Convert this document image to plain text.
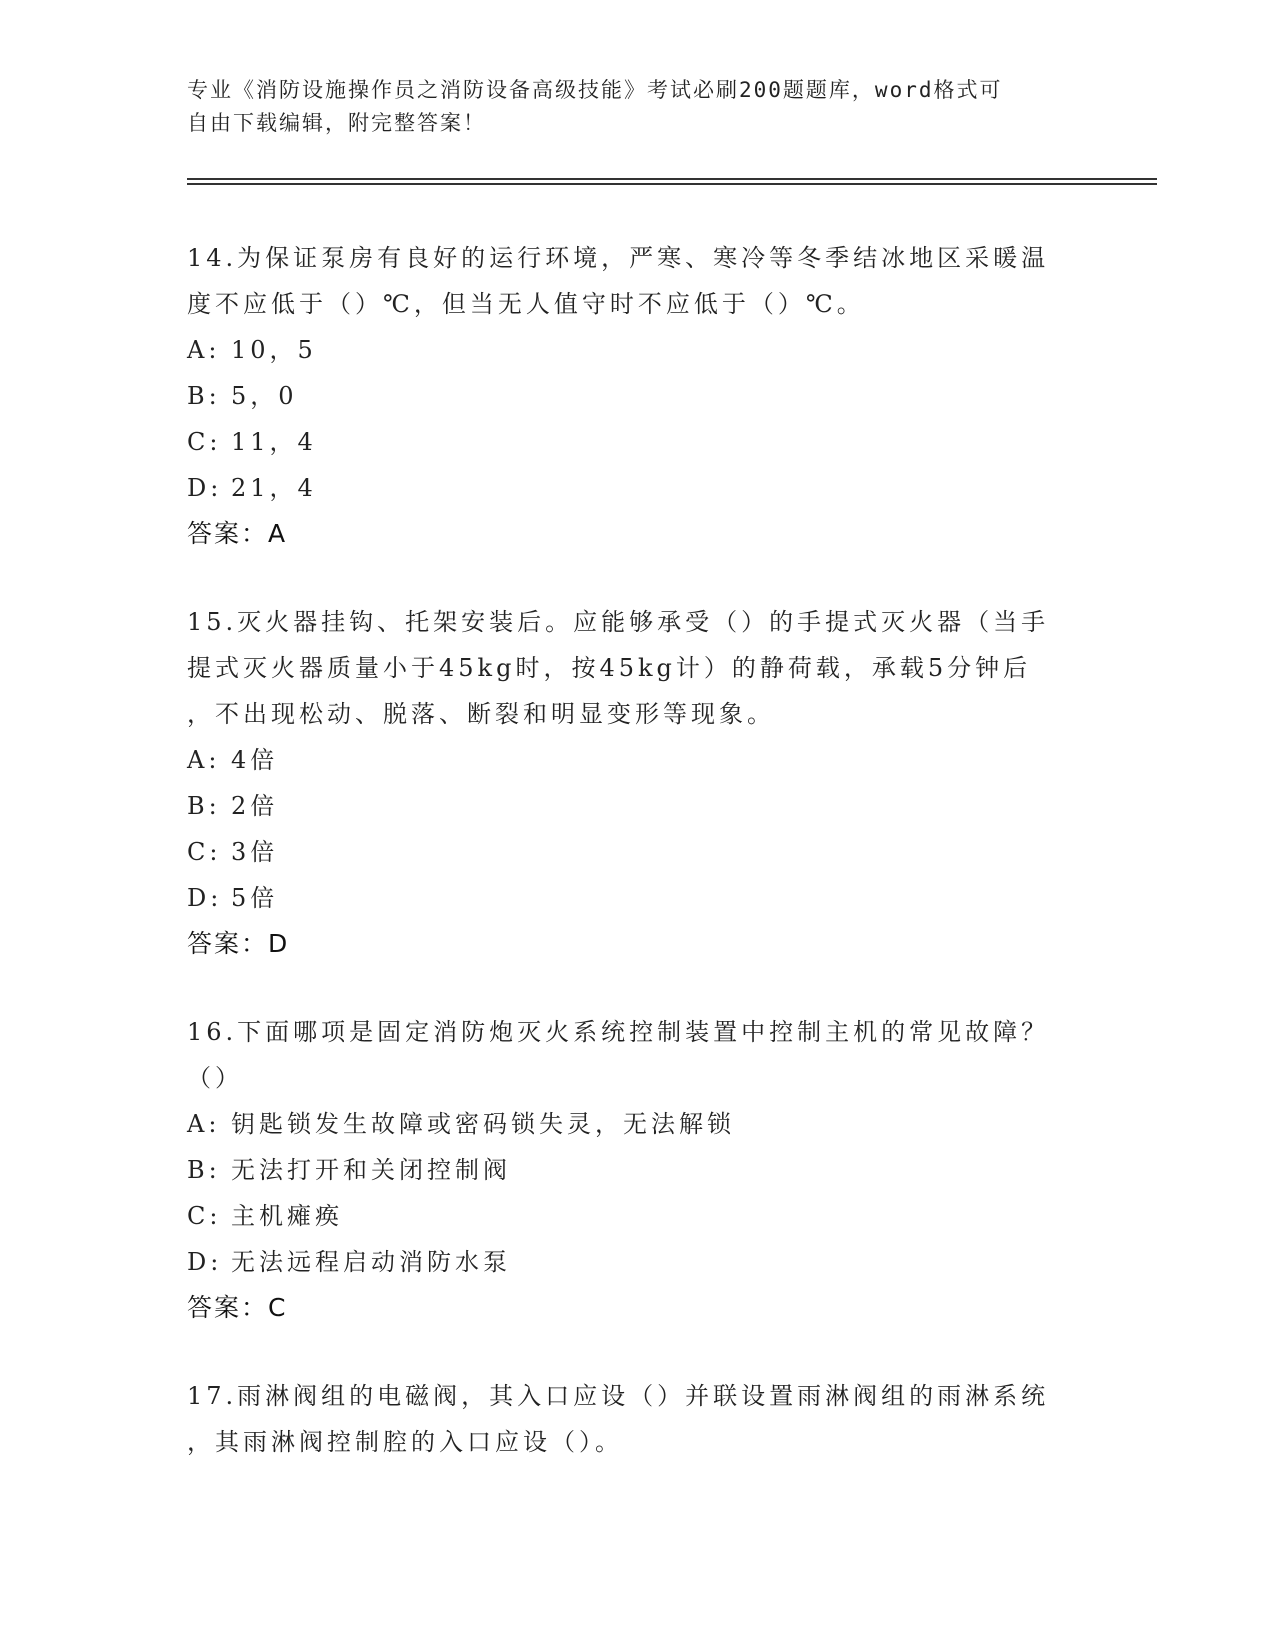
专业《消防设施操作员之消防设备高级技能》考试必刷200题题库，word格式可
自由下载编辑，附完整答案！
14.为保证泵房有良好的运行环境，严寒、寒冷等冬季结冰地区采暖温
度不应低于（）℃，但当无人值守时不应低于（）℃。
A: 10，5
B: 5，0
C: 11，4
D: 21，4
答案：A
15.灭火器挂钩、托架安装后。应能够承受（）的手提式灭火器（当手
提式灭火器质量小于45kg时，按45kg计）的静荷载，承载5分钟后
，不出现松动、脱落、断裂和明显变形等现象。
A: 4倍
B: 2倍
C: 3倍
D: 5倍
答案：D
16.下面哪项是固定消防炮灭火系统控制装置中控制主机的常见故障？
（）
A: 钥匙锁发生故障或密码锁失灵，无法解锁
B: 无法打开和关闭控制阀
C: 主机瘫痪
D: 无法远程启动消防水泵
答案：C
17.雨淋阀组的电磁阀，其入口应设（）并联设置雨淋阀组的雨淋系统
，其雨淋阀控制腔的入口应设（）。
